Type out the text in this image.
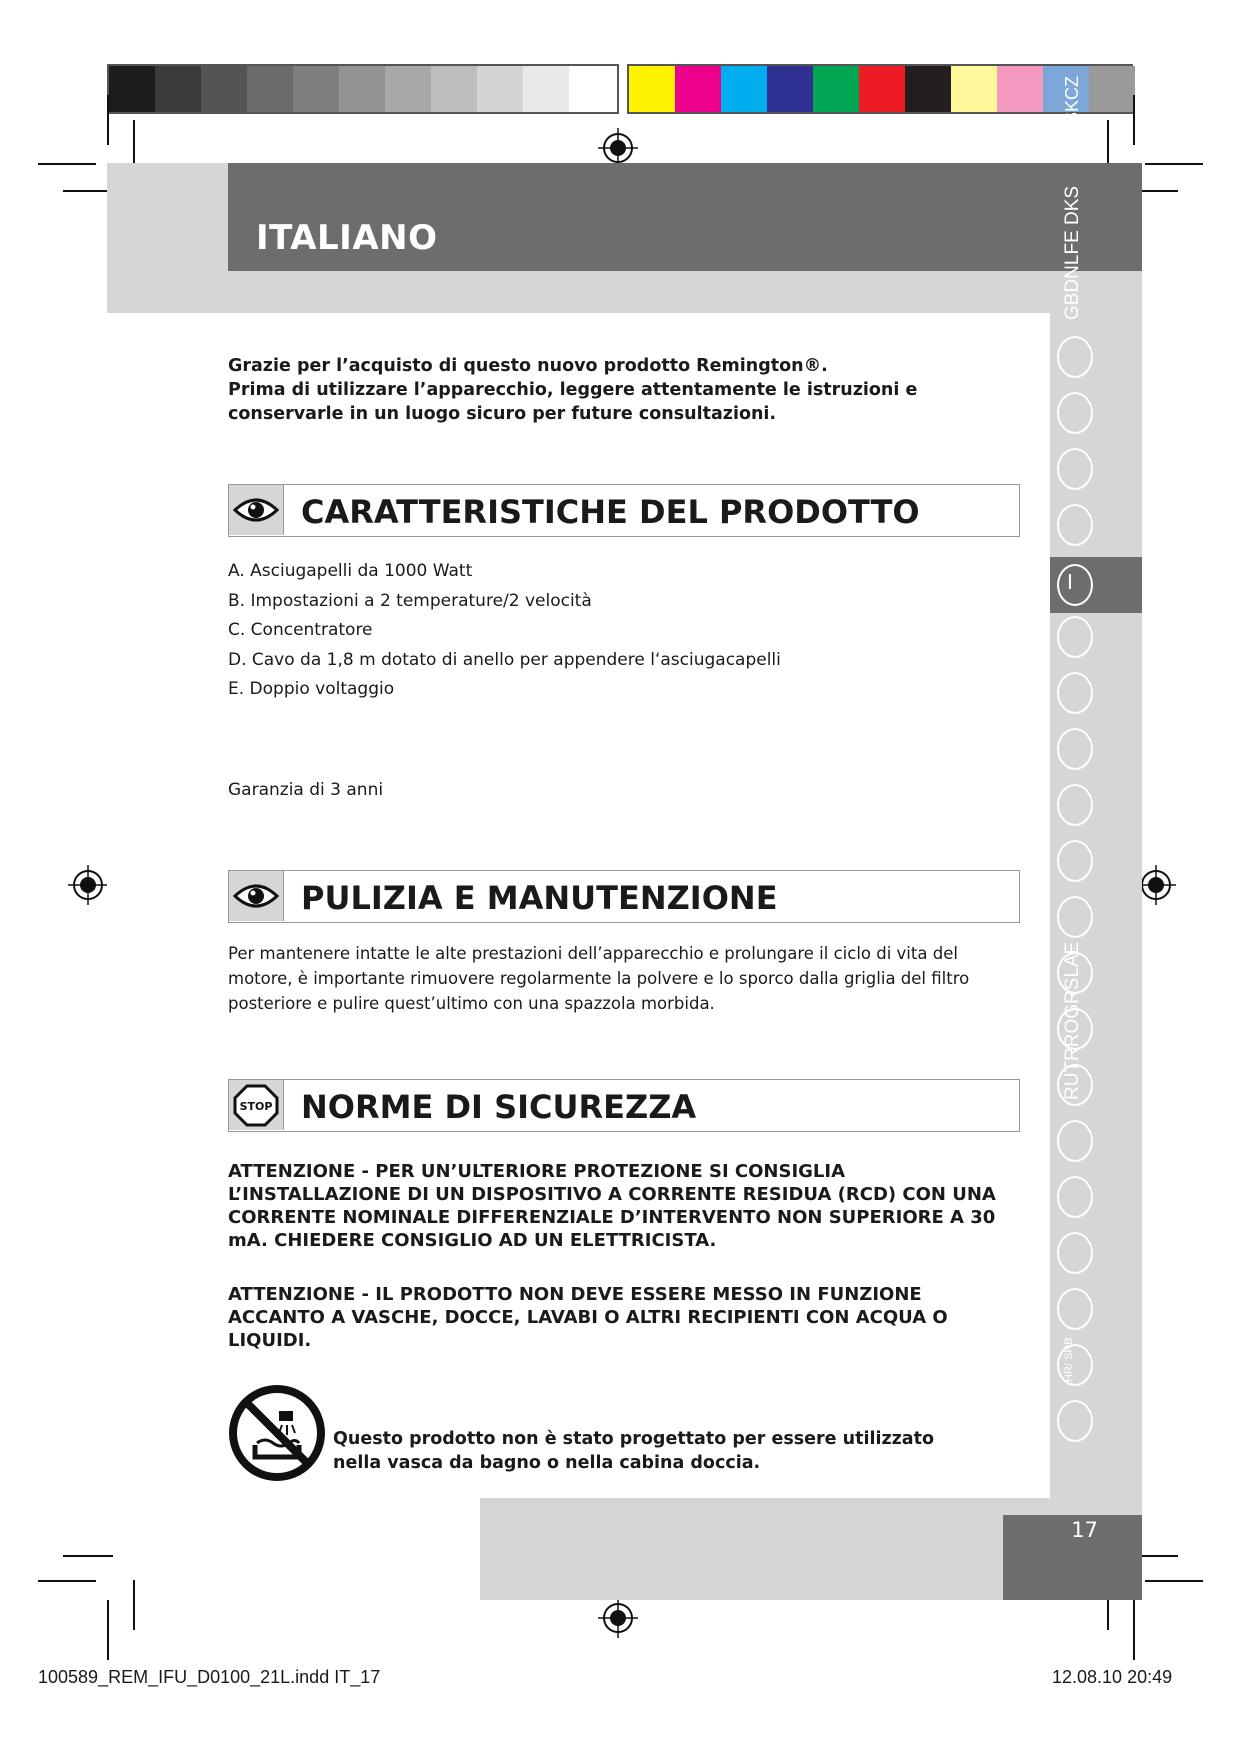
ITALIANO
I
GBDNLFE DKS
PSKCZ
RUTRROGRSLAE
HR/ SRB
Grazie per l’acquisto di questo nuovo prodotto Remington®.
Prima di utilizzare l’apparecchio, leggere attentamente le istruzioni e conservarle in un luogo sicuro per future consultazioni.
CARATTERISTICHE DEL PRODOTTO
A. Asciugapelli da 1000 Watt
B. Impostazioni a 2 temperature/2 velocità
C. Concentratore
D. Cavo da 1,8 m dotato di anello per appendere l‘asciugacapelli
E. Doppio voltaggio
Garanzia di 3 anni
PULIZIA E MANUTENZIONE
Per mantenere intatte le alte prestazioni dell’apparecchio e prolungare il ciclo di vita del motore, è importante rimuovere regolarmente la polvere e lo sporco dalla griglia del filtro posteriore e pulire quest’ultimo con una spazzola morbida.
STOP NORME DI SICUREZZA
ATTENZIONE - PER UN’ULTERIORE PROTEZIONE SI CONSIGLIA L’INSTALLAZIONE DI UN DISPOSITIVO A CORRENTE RESIDUA (RCD) CON UNA CORRENTE NOMINALE DIFFERENZIALE D’INTERVENTO NON SUPERIORE A 30 mA. CHIEDERE CONSIGLIO AD UN ELETTRICISTA.
ATTENZIONE - IL PRODOTTO NON DEVE ESSERE MESSO IN FUNZIONE ACCANTO A VASCHE, DOCCE, LAVABI O ALTRI RECIPIENTI CON ACQUA O LIQUIDI.
Questo prodotto non è stato progettato per essere utilizzato nella vasca da bagno o nella cabina doccia.
17
100589_REM_IFU_D0100_21L.indd IT_17	12.08.10 20:49
